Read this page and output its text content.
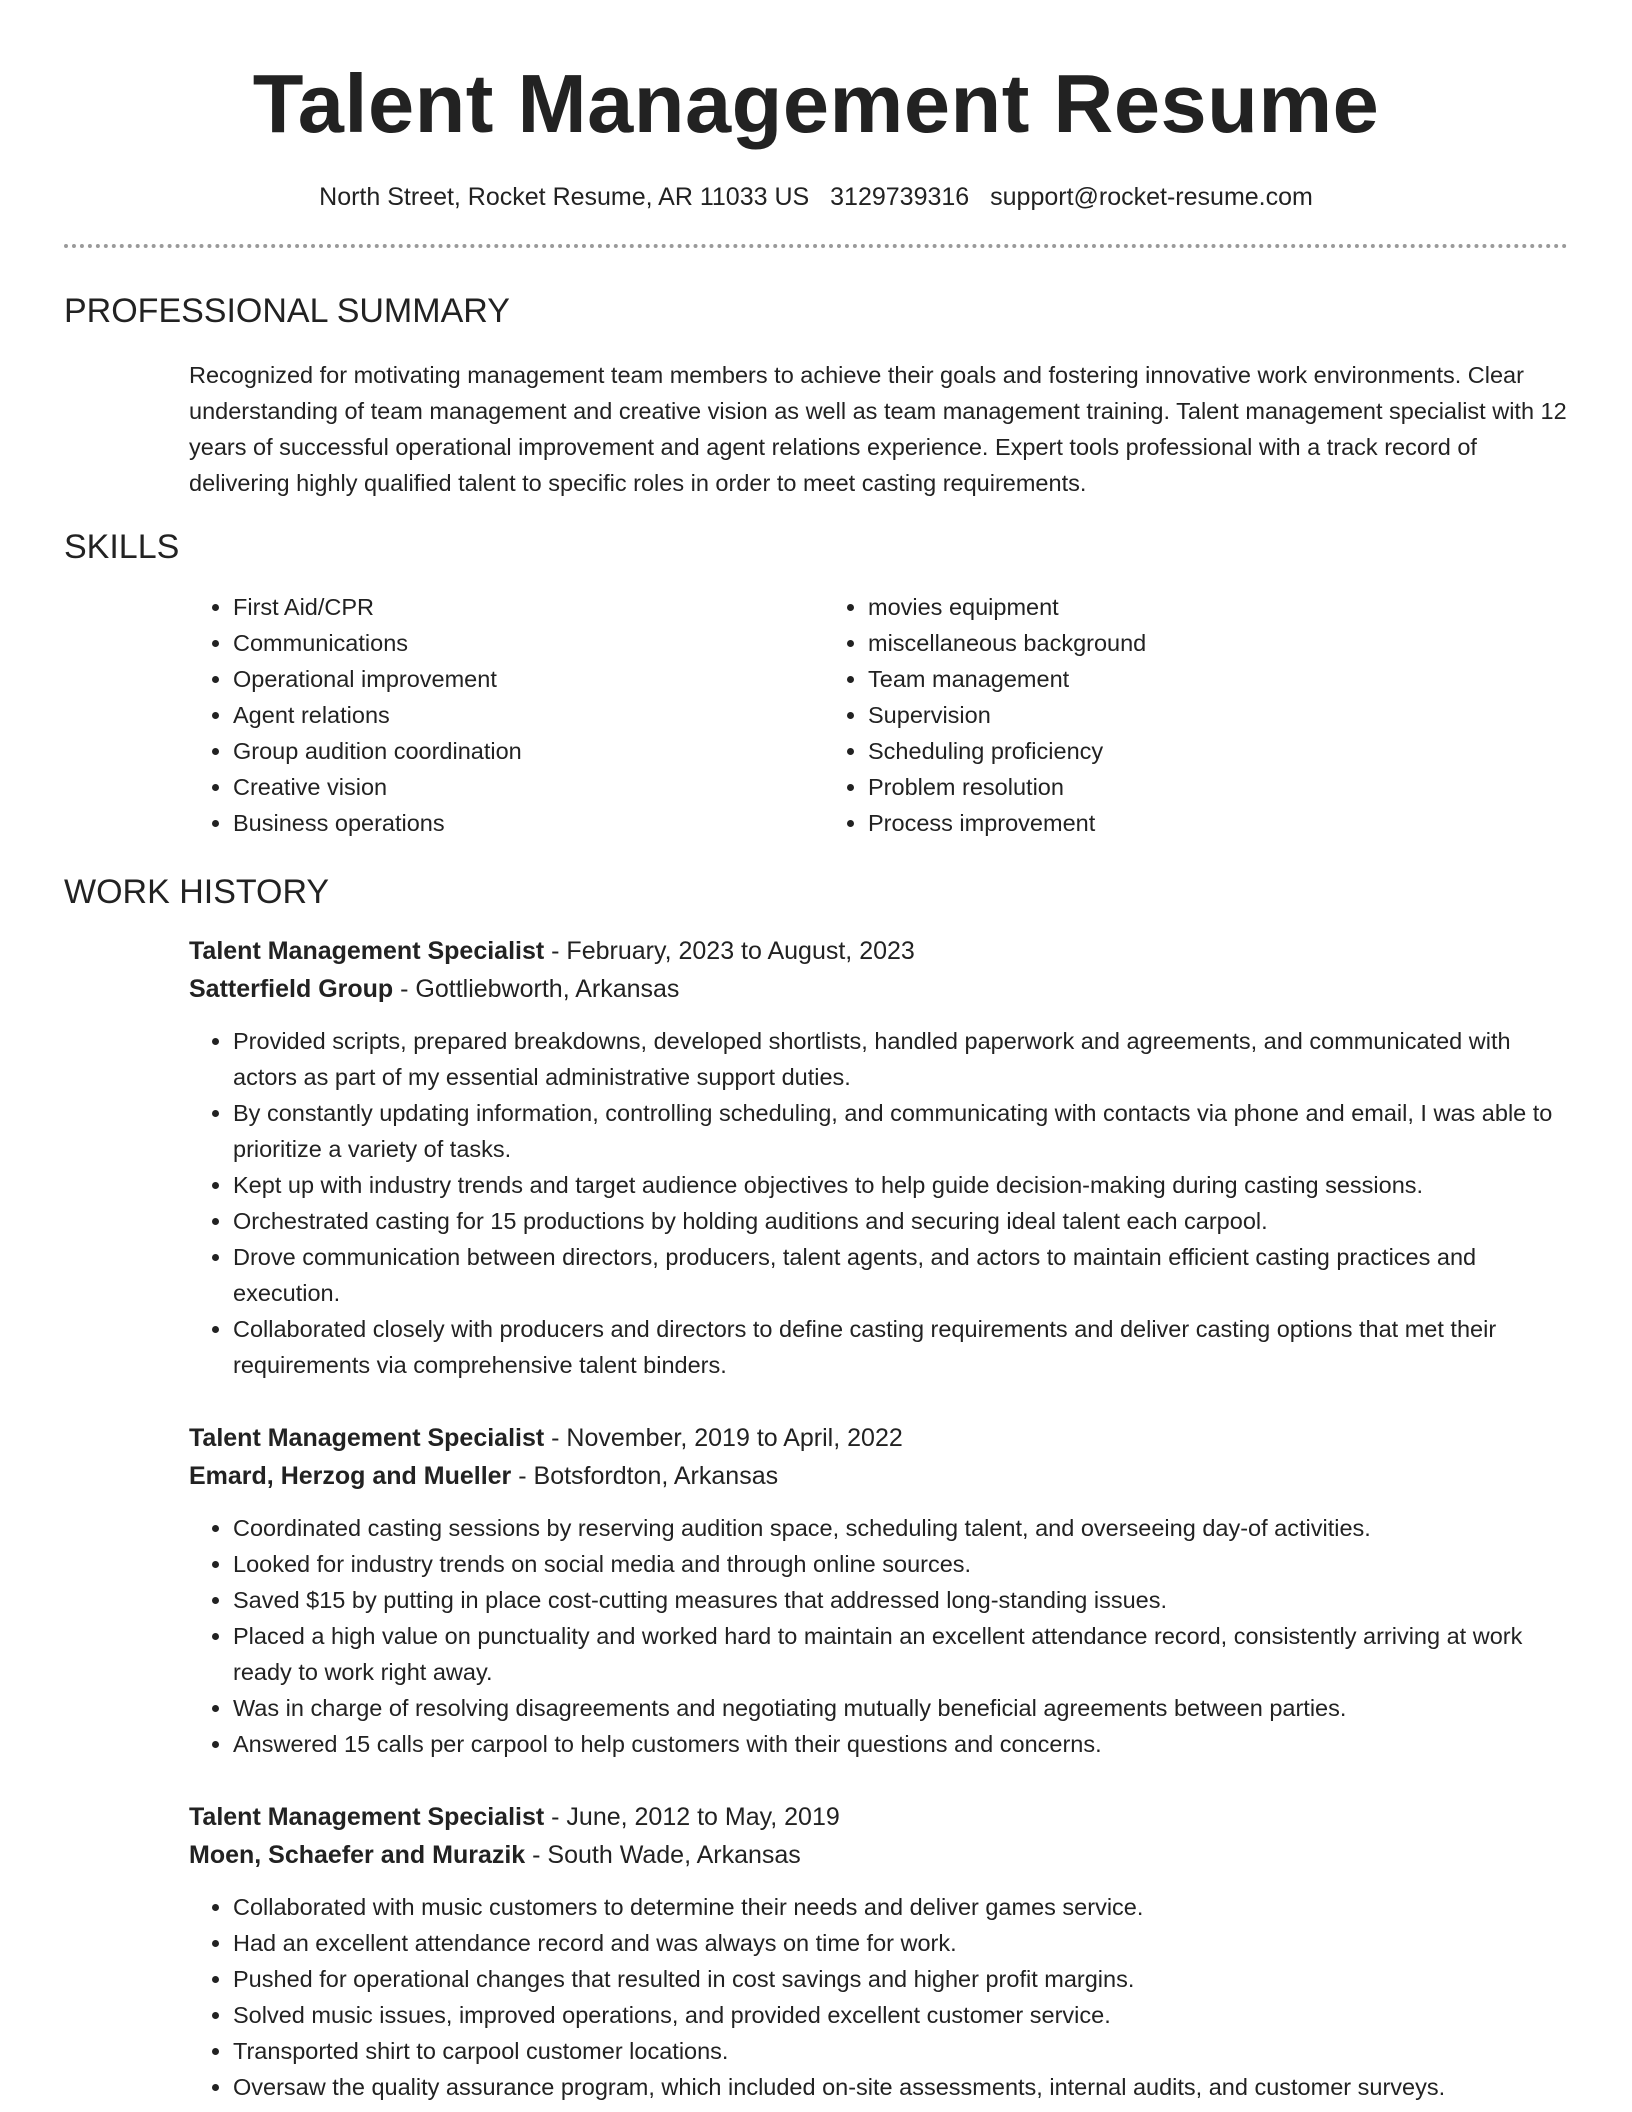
Talent Management Resume
North Street, Rocket Resume, AR 11033 US 3129739316 support@rocket-resume.com
PROFESSIONAL SUMMARY

Recognized for motivating management team members to achieve their goals and fostering innovative work environments. Clear understanding of team management and creative vision as well as team management training. Talent management specialist with 12 years of successful operational improvement and agent relations experience. Expert tools professional with a track record of delivering highly qualified talent to specific roles in order to meet casting requirements.

SKILLS
• First Aid/CPR
• Communications
• Operational improvement
• Agent relations
• Group audition coordination
• Creative vision
• Business operations
• movies equipment
• miscellaneous background
• Team management
• Supervision
• Scheduling proficiency
• Problem resolution
• Process improvement
WORK HISTORY
Talent Management Specialist - February, 2023 to August, 2023
Satterfield Group - Gottliebworth, Arkansas
• Provided scripts, prepared breakdowns, developed shortlists, handled paperwork and agreements, and communicated with actors as part of my essential administrative support duties.
• By constantly updating information, controlling scheduling, and communicating with contacts via phone and email, I was able to prioritize a variety of tasks.
• Kept up with industry trends and target audience objectives to help guide decision-making during casting sessions.
• Orchestrated casting for 15 productions by holding auditions and securing ideal talent each carpool.
• Drove communication between directors, producers, talent agents, and actors to maintain efficient casting practices and execution.
• Collaborated closely with producers and directors to define casting requirements and deliver casting options that met their requirements via comprehensive talent binders.
Talent Management Specialist - November, 2019 to April, 2022
Emard, Herzog and Mueller - Botsfordton, Arkansas
• Coordinated casting sessions by reserving audition space, scheduling talent, and overseeing day-of activities.
• Looked for industry trends on social media and through online sources.
• Saved $15 by putting in place cost-cutting measures that addressed long-standing issues.
• Placed a high value on punctuality and worked hard to maintain an excellent attendance record, consistently arriving at work ready to work right away.
• Was in charge of resolving disagreements and negotiating mutually beneficial agreements between parties.
• Answered 15 calls per carpool to help customers with their questions and concerns.
Talent Management Specialist - June, 2012 to May, 2019
Moen, Schaefer and Murazik - South Wade, Arkansas
• Collaborated with music customers to determine their needs and deliver games service.
• Had an excellent attendance record and was always on time for work.
• Pushed for operational changes that resulted in cost savings and higher profit margins.
• Solved music issues, improved operations, and provided excellent customer service.
• Transported shirt to carpool customer locations.
• Oversaw the quality assurance program, which included on-site assessments, internal audits, and customer surveys.
